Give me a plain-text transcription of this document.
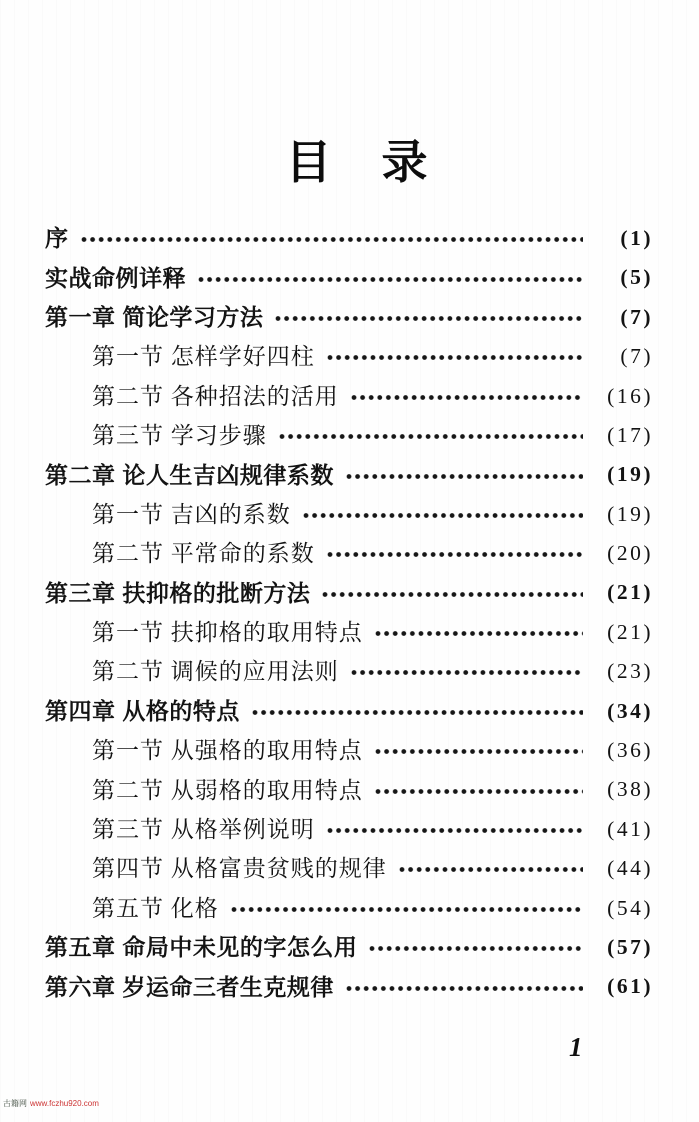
目　录
序	(1)
实战命例详释	(5)
第一章 简论学习方法	(7)
第一节 怎样学好四柱	(7)
第二节 各种招法的活用	(16)
第三节 学习步骤	(17)
第二章 论人生吉凶规律系数	(19)
第一节 吉凶的系数	(19)
第二节 平常命的系数	(20)
第三章 扶抑格的批断方法	(21)
第一节 扶抑格的取用特点	(21)
第二节 调候的应用法则	(23)
第四章 从格的特点	(34)
第一节 从强格的取用特点	(36)
第二节 从弱格的取用特点	(38)
第三节 从格举例说明	(41)
第四节 从格富贵贫贱的规律	(44)
第五节 化格	(54)
第五章 命局中未见的字怎么用	(57)
第六章 岁运命三者生克规律	(61)
1
古籍网 www.fczhu920.com
